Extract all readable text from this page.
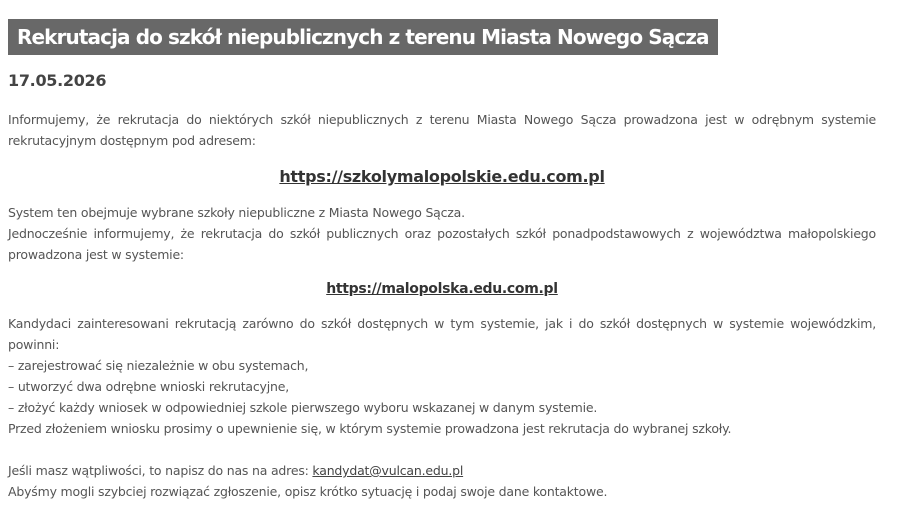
Rekrutacja do szkół niepublicznych z terenu Miasta Nowego Sącza
17.05.2026
Informujemy, że rekrutacja do niektórych szkół niepublicznych z terenu Miasta Nowego Sącza prowadzona jest w odrębnym systemie rekrutacyjnym dostępnym pod adresem:
https://szkolymalopolskie.edu.com.pl
System ten obejmuje wybrane szkoły niepubliczne z Miasta Nowego Sącza.
Jednocześnie informujemy, że rekrutacja do szkół publicznych oraz pozostałych szkół ponadpodstawowych z województwa małopolskiego prowadzona jest w systemie:
https://malopolska.edu.com.pl
Kandydaci zainteresowani rekrutacją zarówno do szkół dostępnych w tym systemie, jak i do szkół dostępnych w systemie wojewódzkim, powinni:
– zarejestrować się niezależnie w obu systemach,
– utworzyć dwa odrębne wnioski rekrutacyjne,
– złożyć każdy wniosek w odpowiedniej szkole pierwszego wyboru wskazanej w danym systemie.
Przed złożeniem wniosku prosimy o upewnienie się, w którym systemie prowadzona jest rekrutacja do wybranej szkoły.
Jeśli masz wątpliwości, to napisz do nas na adres: kandydat@vulcan.edu.pl
Abyśmy mogli szybciej rozwiązać zgłoszenie, opisz krótko sytuację i podaj swoje dane kontaktowe.
